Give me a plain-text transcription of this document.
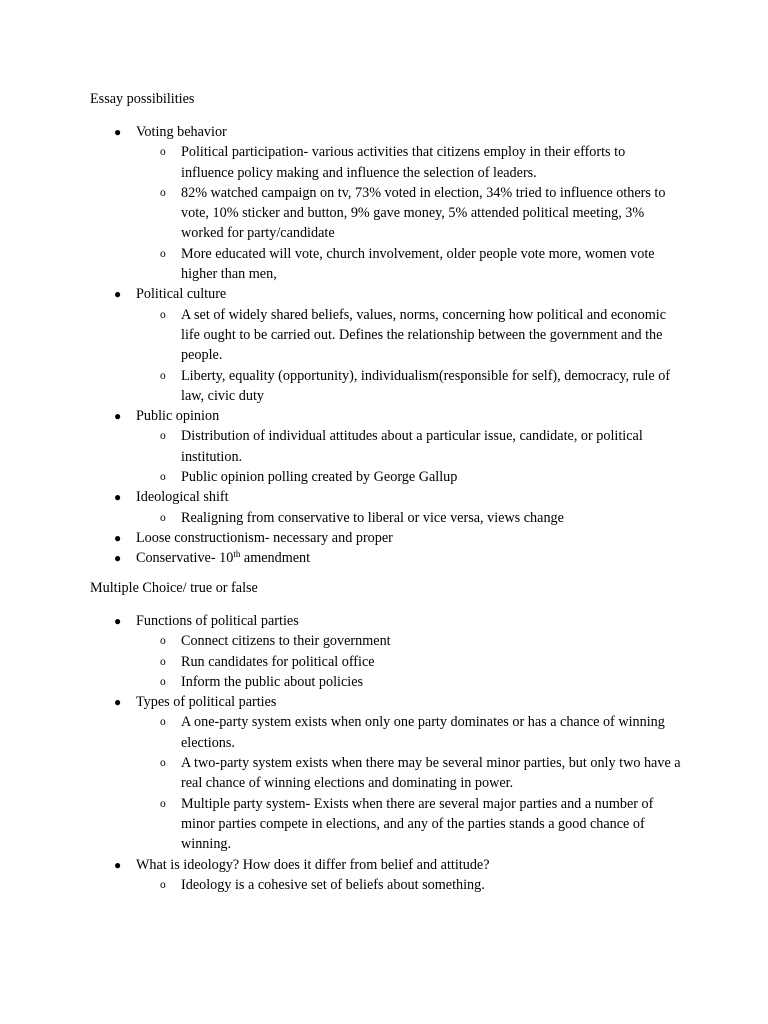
Essay possibilities
● Voting behavior
o Political participation- various activities that citizens employ in their efforts to influence policy making and influence the selection of leaders.
o 82% watched campaign on tv, 73% voted in election, 34% tried to influence others to vote, 10% sticker and button, 9% gave money, 5% attended political meeting, 3% worked for party/candidate
o More educated will vote, church involvement, older people vote more, women vote higher than men,
● Political culture
o A set of widely shared beliefs, values, norms, concerning how political and economic life ought to be carried out. Defines the relationship between the government and the people.
o Liberty, equality (opportunity), individualism(responsible for self), democracy, rule of law, civic duty
● Public opinion
o Distribution of individual attitudes about a particular issue, candidate, or political institution.
o Public opinion polling created by George Gallup
● Ideological shift
o Realigning from conservative to liberal or vice versa, views change
● Loose constructionism- necessary and proper
● Conservative- 10th amendment
Multiple Choice/ true or false
● Functions of political parties
o Connect citizens to their government
o Run candidates for political office
o Inform the public about policies
● Types of political parties
o A one-party system exists when only one party dominates or has a chance of winning elections.
o A two-party system exists when there may be several minor parties, but only two have a real chance of winning elections and dominating in power.
o Multiple party system- Exists when there are several major parties and a number of minor parties compete in elections, and any of the parties stands a good chance of winning.
● What is ideology? How does it differ from belief and attitude?
o Ideology is a cohesive set of beliefs about something.
